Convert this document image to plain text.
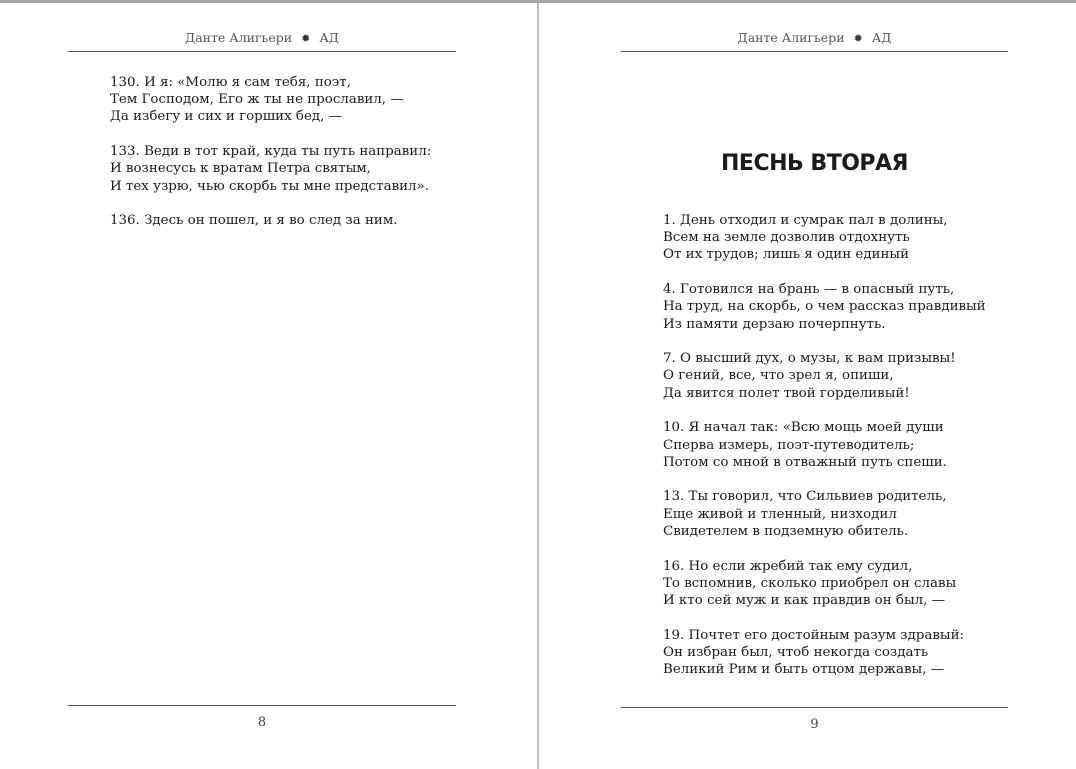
Данте Алигьери ✹ АД
130. И я: «Молю я сам тебя, поэт,
Тем Господом, Его ж ты не прославил, —
Да избегу и сих и горших бед, —
133. Веди в тот край, куда ты путь направил:
И вознесусь к вратам Петра святым,
И тех узрю, чью скорбь ты мне представил».
136. Здесь он пошел, и я во след за ним.
8
Данте Алигьери ✹ АД
ПЕСНЬ ВТОРАЯ
1. День отходил и сумрак пал в долины,
Всем на земле дозволив отдохнуть
От их трудов; лишь я один единый
4. Готовился на брань — в опасный путь,
На труд, на скорбь, о чем рассказ правдивый
Из памяти дерзаю почерпнуть.
7. О высший дух, о музы, к вам призывы!
О гений, все, что зрел я, опиши,
Да явится полет твой горделивый!
10. Я начал так: «Всю мощь моей души
Сперва измерь, поэт-путеводитель;
Потом со мной в отважный путь спеши.
13. Ты говорил, что Сильвиев родитель,
Еще живой и тленный, низходил
Свидетелем в подземную обитель.
16. Но если жребий так ему судил,
То вспомнив, сколько приобрел он славы
И кто сей муж и как правдив он был, —
19. Почтет его достойным разум здравый:
Он избран был, чтоб некогда создать
Великий Рим и быть отцом державы, —
9
